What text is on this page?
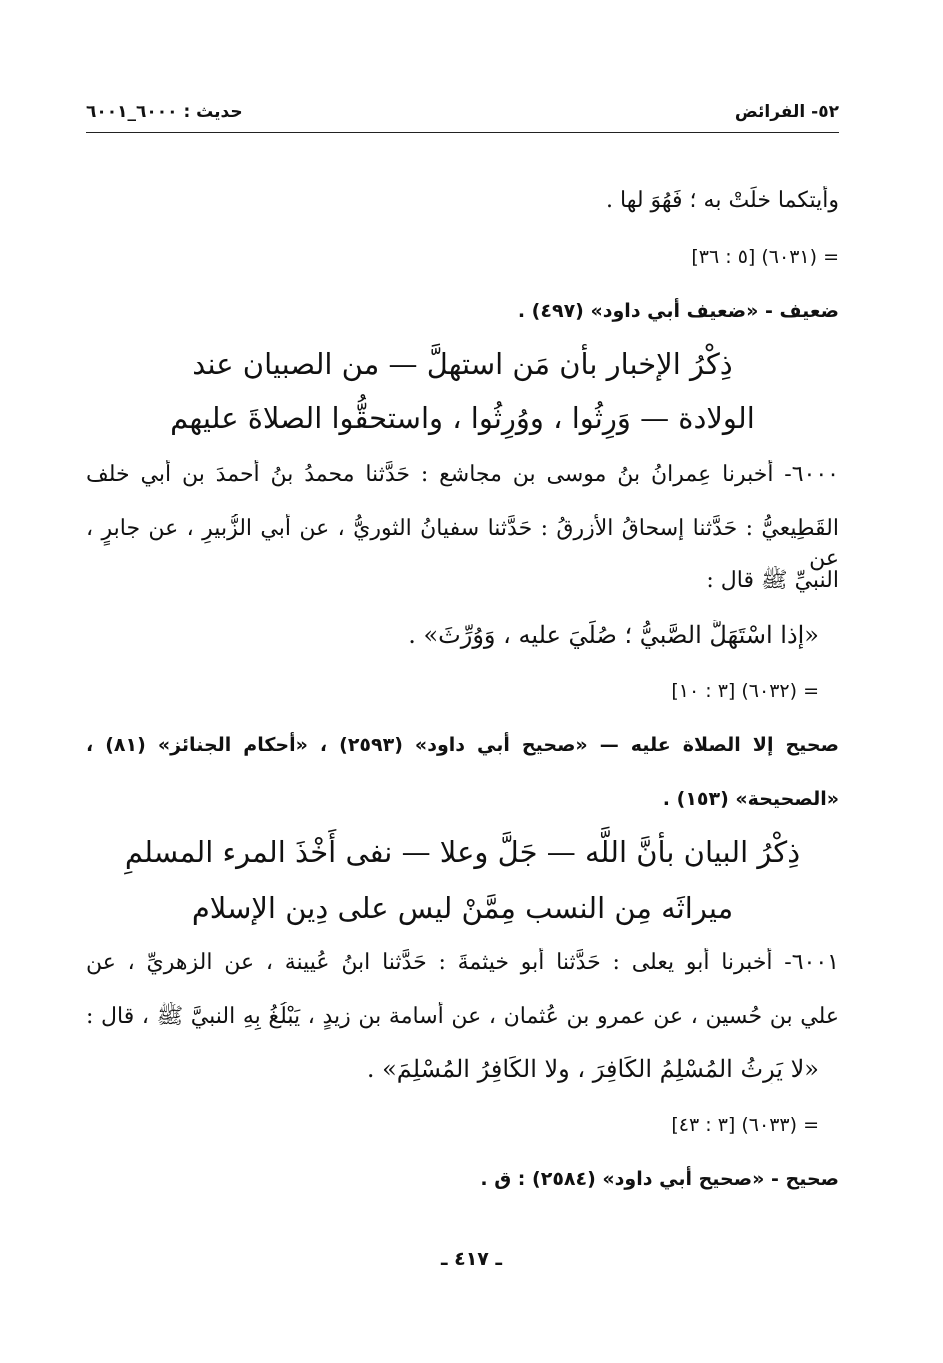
٥٢- الفرائض
حديث : ٦٠٠٠_٦٠٠١
وأيتكما خلَتْ به ؛ فَهُوَ لها .
= (٦٠٣١) [٥ : ٣٦]
ضعيف - «ضعيف أبي داود» (٤٩٧) .
ذِكْرُ الإخبار بأن مَن استهلَّ — من الصبيان عند
الولادة — وَرِثُوا ، ووُرِثُوا ، واستحقُّوا الصلاةَ عليهم
٦٠٠٠- أخبرنا عِمرانُ بنُ موسى بن مجاشع : حَدَّثنا محمدُ بنُ أحمدَ بن أبي خلف
القَطِيعيُّ : حَدَّثنا إسحاقُ الأزرقُ : حَدَّثنا سفيانُ الثوريُّ ، عن أبي الزُّبيرِ ، عن جابرٍ ، عن
النبيِّ ﷺ قال :
«إذا اسْتَهَلَّ الصَّبيُّ ؛ صُلِّيَ عليه ، وَوُرِّثَ» .
= (٦٠٣٢) [٣ : ١٠]
صحيح إلا الصلاة عليه — «صحيح أبي داود» (٢٥٩٣) ، «أحكام الجنائز» (٨١) ،
«الصحيحة» (١٥٣) .
ذِكْرُ البيان بأنَّ اللَّه — جَلَّ وعلا — نفى أَخْذَ المرء المسلمِ
ميراثَه مِن النسب مِمَّنْ ليس على دِين الإسلام
٦٠٠١- أخبرنا أبو يعلى : حَدَّثنا أبو خيثمةَ : حَدَّثنا ابنُ عُيينة ، عن الزهريِّ ، عن
علي بن حُسين ، عن عمرو بن عُثمان ، عن أُسامة بن زيدٍ ، يَبْلُغُ بِهِ النبيَّ ﷺ ، قال :
«لا يَرِثُ المُسْلِمُ الكَافِرَ ، ولا الكَافِرُ المُسْلِمَ» .
= (٦٠٣٣) [٣ : ٤٣]
صحيح - «صحيح أبي داود» (٢٥٨٤) : ق .
ـ ٤١٧ ـ
